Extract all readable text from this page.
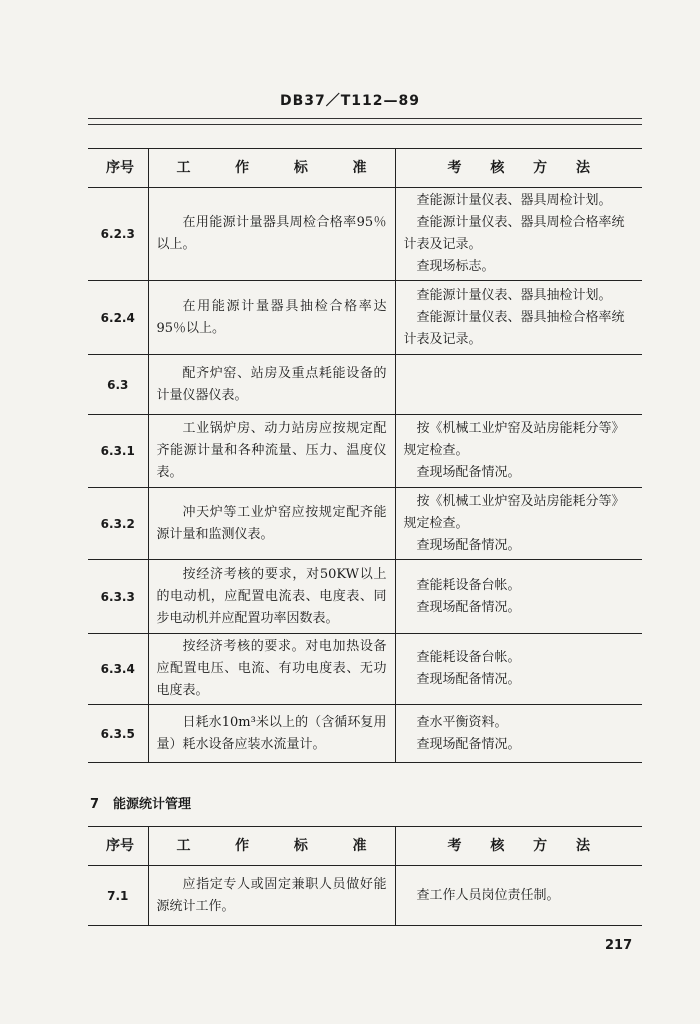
DB37／T112—89
序 号	工 作 标 准	考 核 方 法

6.2.3	在用能源计量器具周检合格率95％以上。	查能源计量仪表、器具周检计划。

查能源计量仪表、器具周检合格率统计表及记录。

查现场标志。

6.2.4	在用能源计量器具抽检合格率达95％以上。	查能源计量仪表、器具抽检计划。

查能源计量仪表、器具抽检合格率统计表及记录。

6.3	配齐炉窑、站房及重点耗能设备的计量仪器仪表。	
6.3.1	工业锅炉房、动力站房应按规定配齐能源计量和各种流量、压力、温度仪表。	按《机械工业炉窑及站房能耗分等》规定检查。

查现场配备情况。

6.3.2	冲天炉等工业炉窑应按规定配齐能源计量和监测仪表。	按《机械工业炉窑及站房能耗分等》规定检查。

查现场配备情况。

6.3.3	按经济考核的要求，对50KW以上的电动机，应配置电流表、电度表、同步电动机并应配置功率因数表。	查能耗设备台帐。

查现场配备情况。

6.3.4	按经济考核的要求。对电加热设备应配置电压、电流、有功电度表、无功电度表。	查能耗设备台帐。

查现场配备情况。

6.3.5	日耗水10m³米以上的（含循环复用量）耗水设备应装水流量计。	查水平衡资料。

查现场配备情况。

7 能源统计管理
序 号	工 作 标 准	考 核 方 法

7.1	应指定专人或固定兼职人员做好能源统计工作。	查工作人员岗位责任制。

217
